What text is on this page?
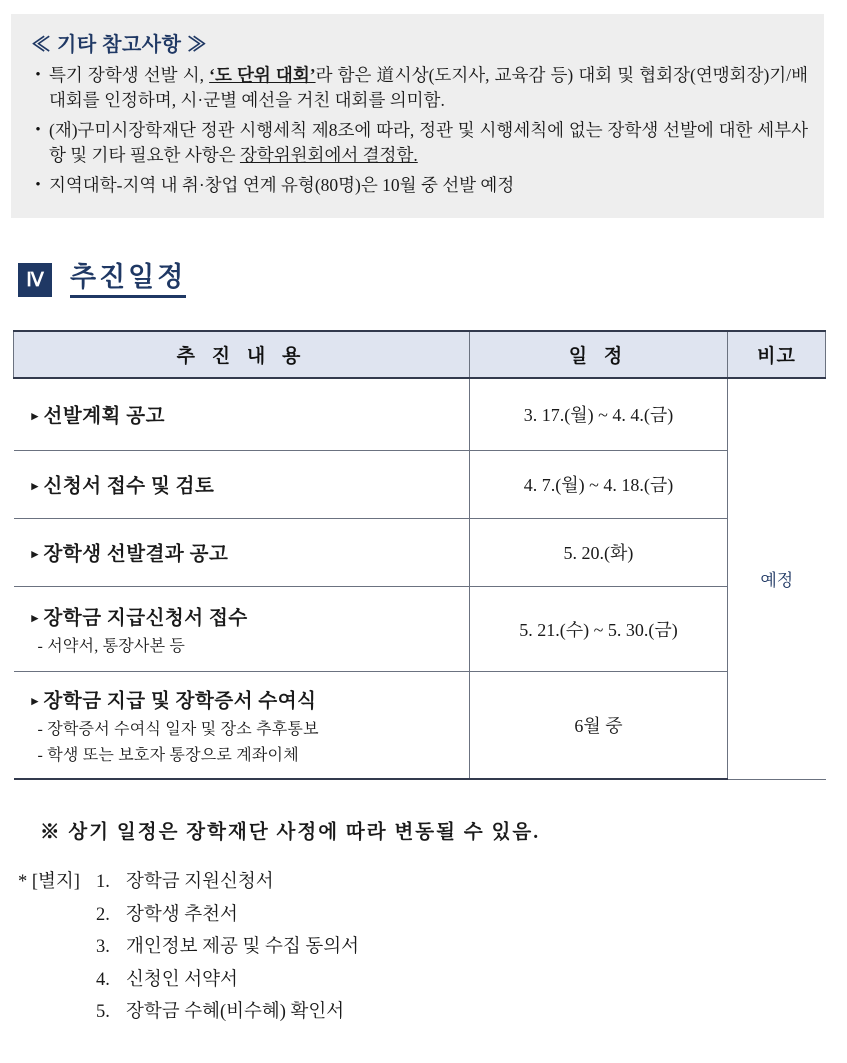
≪ 기타 참고사항 ≫
• 특기 장학생 선발 시, ‘도 단위 대회’라 함은 道시상(도지사, 교육감 등) 대회 및 협회장(연맹회장)기/배 대회를 인정하며, 시·군별 예선을 거친 대회를 의미함.
• (재)구미시장학재단 정관 시행세칙 제8조에 따라, 정관 및 시행세칙에 없는 장학생 선발에 대한 세부사항 및 기타 필요한 사항은 장학위원회에서 결정함.
• 지역대학-지역 내 취·창업 연계 유형(80명)은 10월 중 선발 예정
Ⅳ 추진일정
추 진 내 용	일 정	비고

▸ 선발계획 공고	3. 17.(월) ~ 4. 4.(금)	예정

▸ 신청서 접수 및 검토	4. 7.(월) ~ 4. 18.(금)	

▸ 장학생 선발결과 공고	5. 20.(화)	

▸ 장학금 지급신청서 접수
- 서약서, 통장사본 등	5. 21.(수) ~ 5. 30.(금)	

▸ 장학금 지급 및 장학증서 수여식
- 장학증서 수여식 일자 및 장소 추후통보
- 학생 또는 보호자 통장으로 계좌이체	6월 중	
※ 상기 일정은 장학재단 사정에 따라 변동될 수 있음.
* [별지] 1. 장학금 지원신청서
2. 장학생 추천서
3. 개인정보 제공 및 수집 동의서
4. 신청인 서약서
5. 장학금 수혜(비수혜) 확인서
